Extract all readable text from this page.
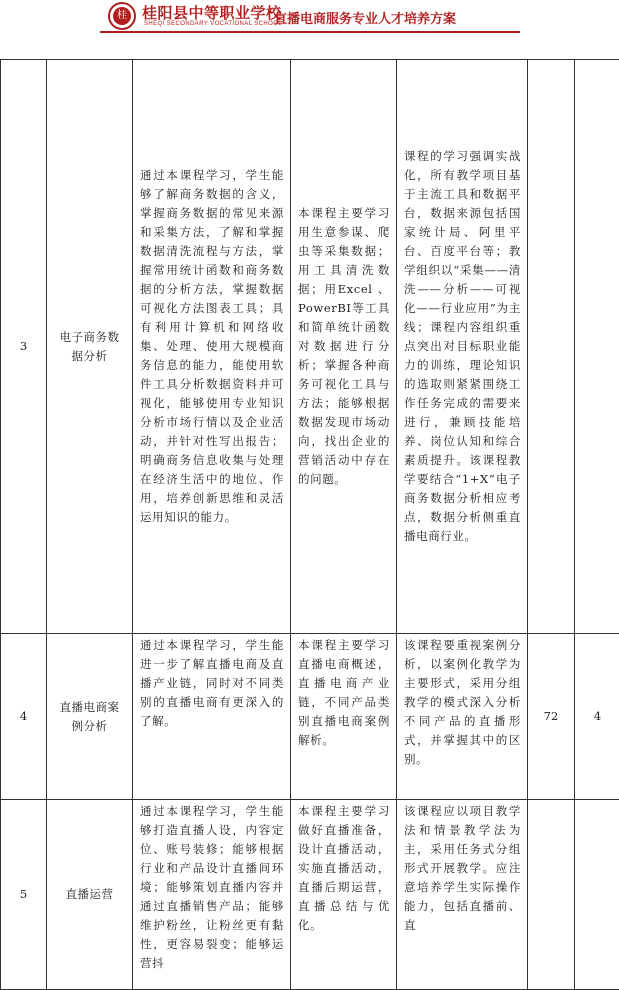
桂 桂阳县中等职业学校
SHEQI SECONDARY VOCATIONAL SCHOOL
直播电商服务专业人才培养方案
3	电子商务数据分析	通过本课程学习，学生能够了解商务数据的含义，掌握商务数据的常见来源和采集方法，了解和掌握数据清洗流程与方法，掌握常用统计函数和商务数据的分析方法，掌握数据可视化方法图表工具；具有利用计算机和网络收集、处理、使用大规模商务信息的能力，能使用软件工具分析数据资料并可视化，能够使用专业知识分析市场行情以及企业活动，并针对性写出报告；明确商务信息收集与处理在经济生活中的地位、作用，培养创新思维和灵活运用知识的能力。	本课程主要学习用生意参谋、爬虫等采集数据；用工具清洗数据；用Excel 、PowerBI等工具和简单统计函数对数据进行分析；掌握各种商务可视化工具与方法；能够根据数据发现市场动向，找出企业的营销活动中存在的问题。	课程的学习强调实战化，所有教学项目基于主流工具和数据平台，数据来源包括国家统计局、阿里平台、百度平台等；教学组织以“采集——清洗——分析——可视化——行业应用”为主线；课程内容组织重点突出对目标职业能力的训练，理论知识的选取则紧紧围绕工作任务完成的需要来进行，兼顾技能培养、岗位认知和综合素质提升。该课程教学要结合“1+X”电子商务数据分析相应考点，数据分析侧重直播电商行业。		
4	直播电商案例分析	通过本课程学习，学生能进一步了解直播电商及直播产业链，同时对不同类别的直播电商有更深入的了解。	本课程主要学习直播电商概述，直播电商产业链，不同产品类别直播电商案例解析。	该课程要重视案例分析，以案例化教学为主要形式，采用分组教学的模式深入分析不同产品的直播形式，并掌握其中的区别。	72	4
5	直播运营	通过本课程学习，学生能够打造直播人设，内容定位、账号装修；能够根据行业和产品设计直播间环境；能够策划直播内容并通过直播销售产品；能够维护粉丝，让粉丝更有黏性，更容易裂变；能够运营抖	本课程主要学习做好直播准备，设计直播活动，实施直播活动，直播后期运营，直播总结与优化。	该课程应以项目教学法和情景教学法为主，采用任务式分组形式开展教学。应注意培养学生实际操作能力，包括直播前、直		
